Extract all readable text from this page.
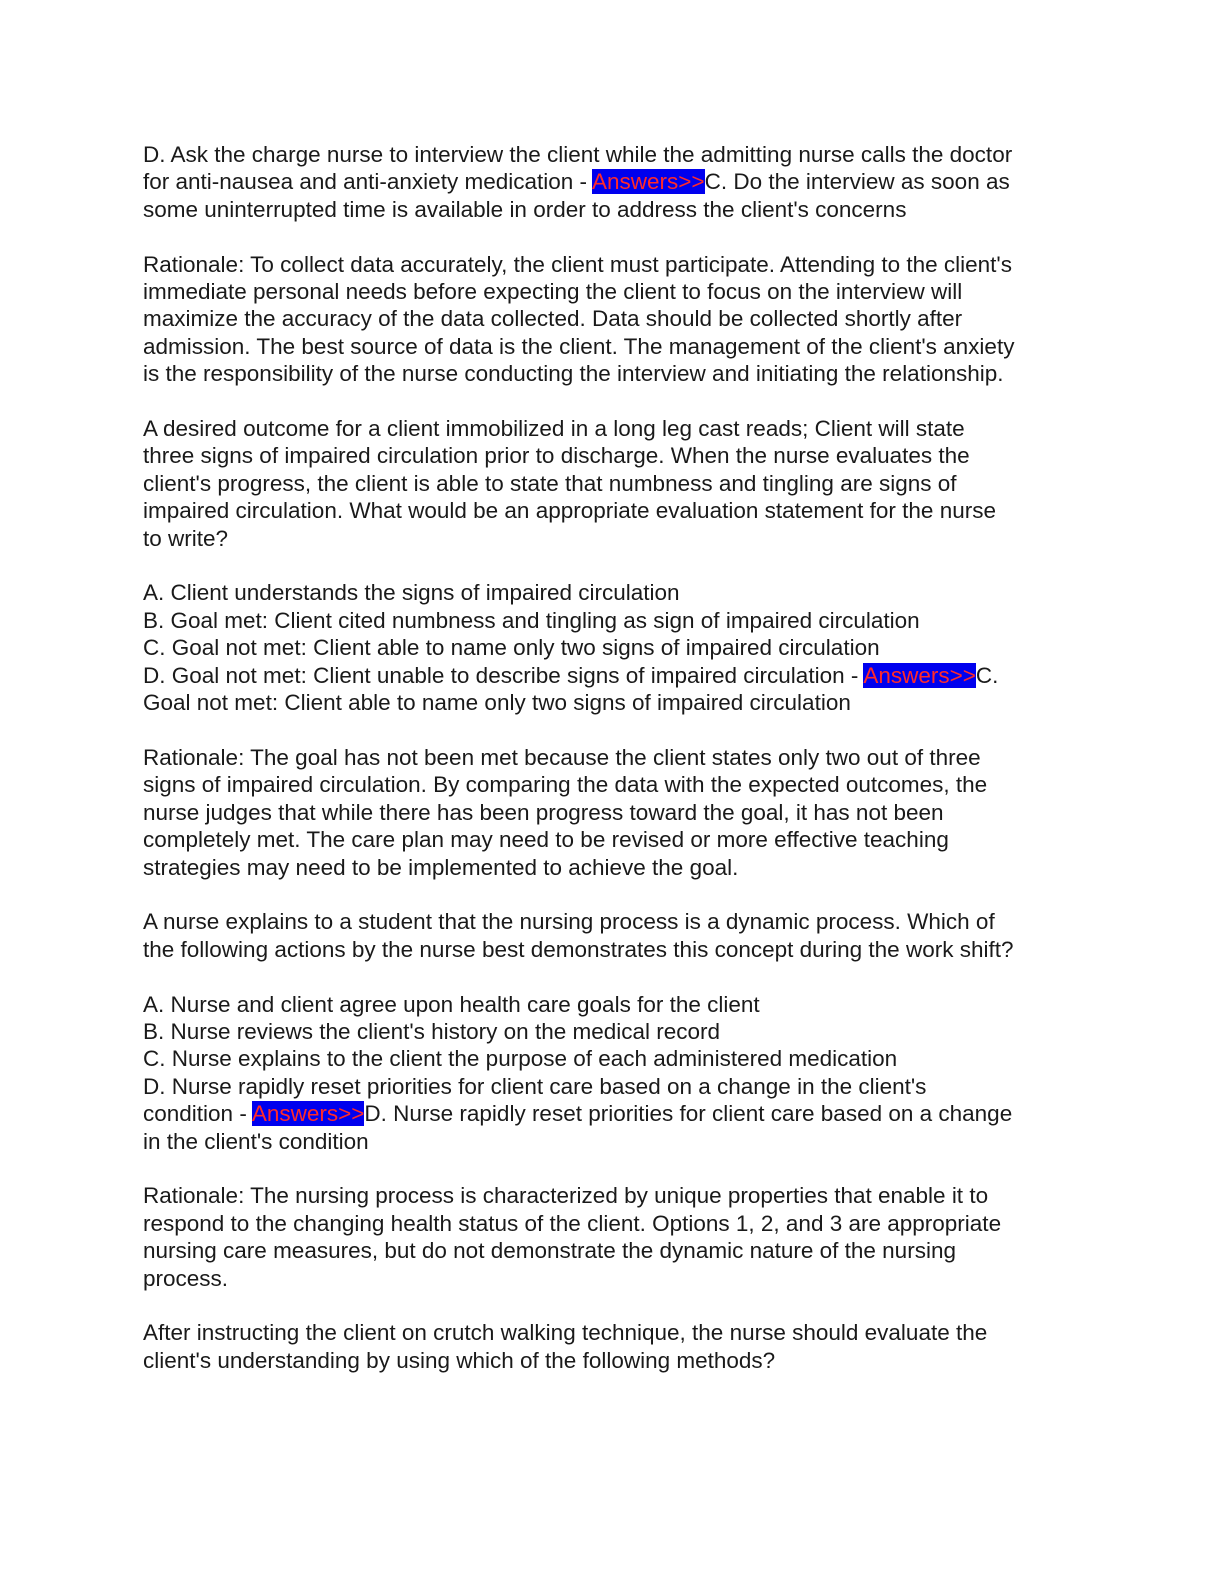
D. Ask the charge nurse to interview the client while the admitting nurse calls the doctor
for anti-nausea and anti-anxiety medication - Answers>>C. Do the interview as soon as
some uninterrupted time is available in order to address the client's concerns

Rationale: To collect data accurately, the client must participate. Attending to the client's
immediate personal needs before expecting the client to focus on the interview will
maximize the accuracy of the data collected. Data should be collected shortly after
admission. The best source of data is the client. The management of the client's anxiety
is the responsibility of the nurse conducting the interview and initiating the relationship.

A desired outcome for a client immobilized in a long leg cast reads; Client will state
three signs of impaired circulation prior to discharge. When the nurse evaluates the
client's progress, the client is able to state that numbness and tingling are signs of
impaired circulation. What would be an appropriate evaluation statement for the nurse
to write?

A. Client understands the signs of impaired circulation
B. Goal met: Client cited numbness and tingling as sign of impaired circulation
C. Goal not met: Client able to name only two signs of impaired circulation
D. Goal not met: Client unable to describe signs of impaired circulation - Answers>>C.
Goal not met: Client able to name only two signs of impaired circulation

Rationale: The goal has not been met because the client states only two out of three
signs of impaired circulation. By comparing the data with the expected outcomes, the
nurse judges that while there has been progress toward the goal, it has not been
completely met. The care plan may need to be revised or more effective teaching
strategies may need to be implemented to achieve the goal.

A nurse explains to a student that the nursing process is a dynamic process. Which of
the following actions by the nurse best demonstrates this concept during the work shift?

A. Nurse and client agree upon health care goals for the client
B. Nurse reviews the client's history on the medical record
C. Nurse explains to the client the purpose of each administered medication
D. Nurse rapidly reset priorities for client care based on a change in the client's
condition - Answers>>D. Nurse rapidly reset priorities for client care based on a change
in the client's condition

Rationale: The nursing process is characterized by unique properties that enable it to
respond to the changing health status of the client. Options 1, 2, and 3 are appropriate
nursing care measures, but do not demonstrate the dynamic nature of the nursing
process.

After instructing the client on crutch walking technique, the nurse should evaluate the
client's understanding by using which of the following methods?
